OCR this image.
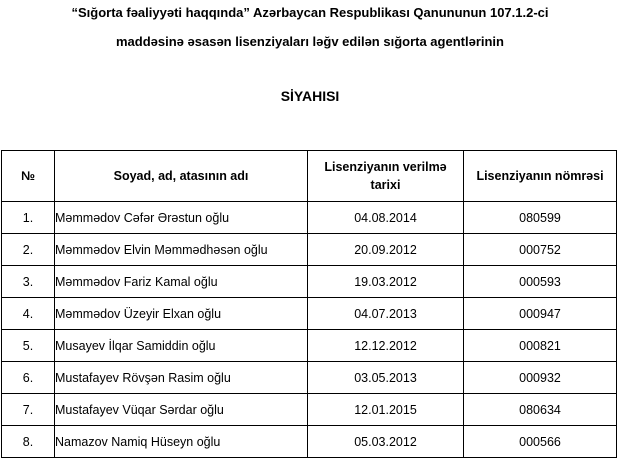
“Sığorta fəaliyyəti haqqında” Azərbaycan Respublikası Qanununun 107.1.2-ci
maddəsinə əsasən lisenziyaları ləğv edilən sığorta agentlərinin
SİYAHISI
№	Soyad, ad, atasının adı	Lisenziyanın verilmə tarixi	Lisenziyanın nömrəsi
1.	Məmmədov Cəfər Ərəstun oğlu	04.08.2014	080599
2.	Məmmədov Elvin Məmmədhəsən oğlu	20.09.2012	000752
3.	Məmmədov Fariz Kamal oğlu	19.03.2012	000593
4.	Məmmədov Üzeyir Elxan oğlu	04.07.2013	000947
5.	Musayev İlqar Samiddin oğlu	12.12.2012	000821
6.	Mustafayev Rövşən Rasim oğlu	03.05.2013	000932
7.	Mustafayev Vüqar Sərdar oğlu	12.01.2015	080634
8.	Namazov Namiq Hüseyn oğlu	05.03.2012	000566
